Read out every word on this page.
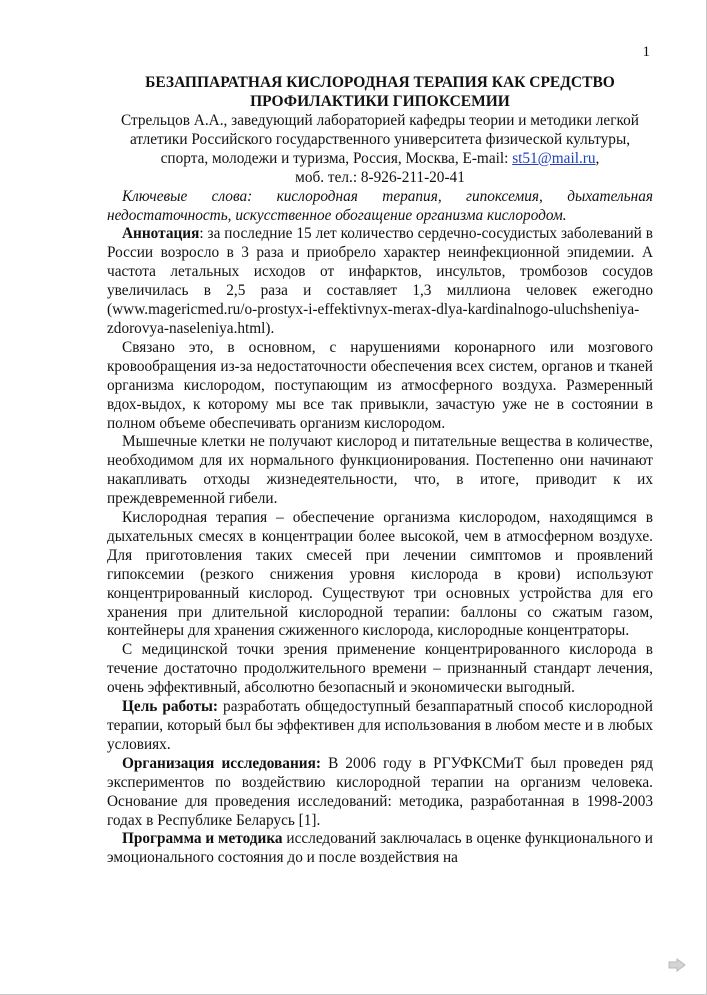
1

БЕЗАППАРАТНАЯ КИСЛОРОДНАЯ ТЕРАПИЯ КАК СРЕДСТВО ПРОФИЛАКТИКИ ГИПОКСЕМИИ

Стрельцов А.А., заведующий лабораторией кафедры теории и методики легкой атлетики Российского государственного университета физической культуры, спорта, молодежи и туризма, Россия, Москва, E-mail: st51@mail.ru,
моб. тел.: 8-926-211-20-41

Ключевые слова: кислородная терапия, гипоксемия, дыхательная недостаточность, искусственное обогащение организма кислородом.

Аннотация: за последние 15 лет количество сердечно-сосудистых заболеваний в России возросло в 3 раза и приобрело характер неинфекционной эпидемии. А частота летальных исходов от инфарктов, инсультов, тромбозов сосудов увеличилась в 2,5 раза и составляет 1,3 миллиона человек ежегодно (www.magericmed.ru/o-prostyx-i-effektivnyx-merax-dlya-kardinalnogo-uluchsheniya-zdorovya-naseleniya.html).

Связано это, в основном, с нарушениями коронарного или мозгового кровообращения из-за недостаточности обеспечения всех систем, органов и тканей организма кислородом, поступающим из атмосферного воздуха. Размеренный вдох-выдох, к которому мы все так привыкли, зачастую уже не в состоянии в полном объеме обеспечивать организм кислородом.

Мышечные клетки не получают кислород и питательные вещества в количестве, необходимом для их нормального функционирования. Постепенно они начинают накапливать отходы жизнедеятельности, что, в итоге, приводит к их преждевременной гибели.

Кислородная терапия – обеспечение организма кислородом, находящимся в дыхательных смесях в концентрации более высокой, чем в атмосферном воздухе. Для приготовления таких смесей при лечении симптомов и проявлений гипоксемии (резкого снижения уровня кислорода в крови) используют концентрированный кислород. Существуют три основных устройства для его хранения при длительной кислородной терапии: баллоны со сжатым газом, контейнеры для хранения сжиженного кислорода, кислородные концентраторы.

С медицинской точки зрения применение концентрированного кислорода в течение достаточно продолжительного времени – признанный стандарт лечения, очень эффективный, абсолютно безопасный и экономически выгодный.

Цель работы: разработать общедоступный безаппаратный способ кислородной терапии, который был бы эффективен для использования в любом месте и в любых условиях.

Организация исследования: В 2006 году в РГУФКСМиТ был проведен ряд экспериментов по воздействию кислородной терапии на организм человека. Основание для проведения исследований: методика, разработанная в 1998-2003 годах в Республике Беларусь [1].

Программа и методика исследований заключалась в оценке функционального и эмоционального состояния до и после воздействия на
